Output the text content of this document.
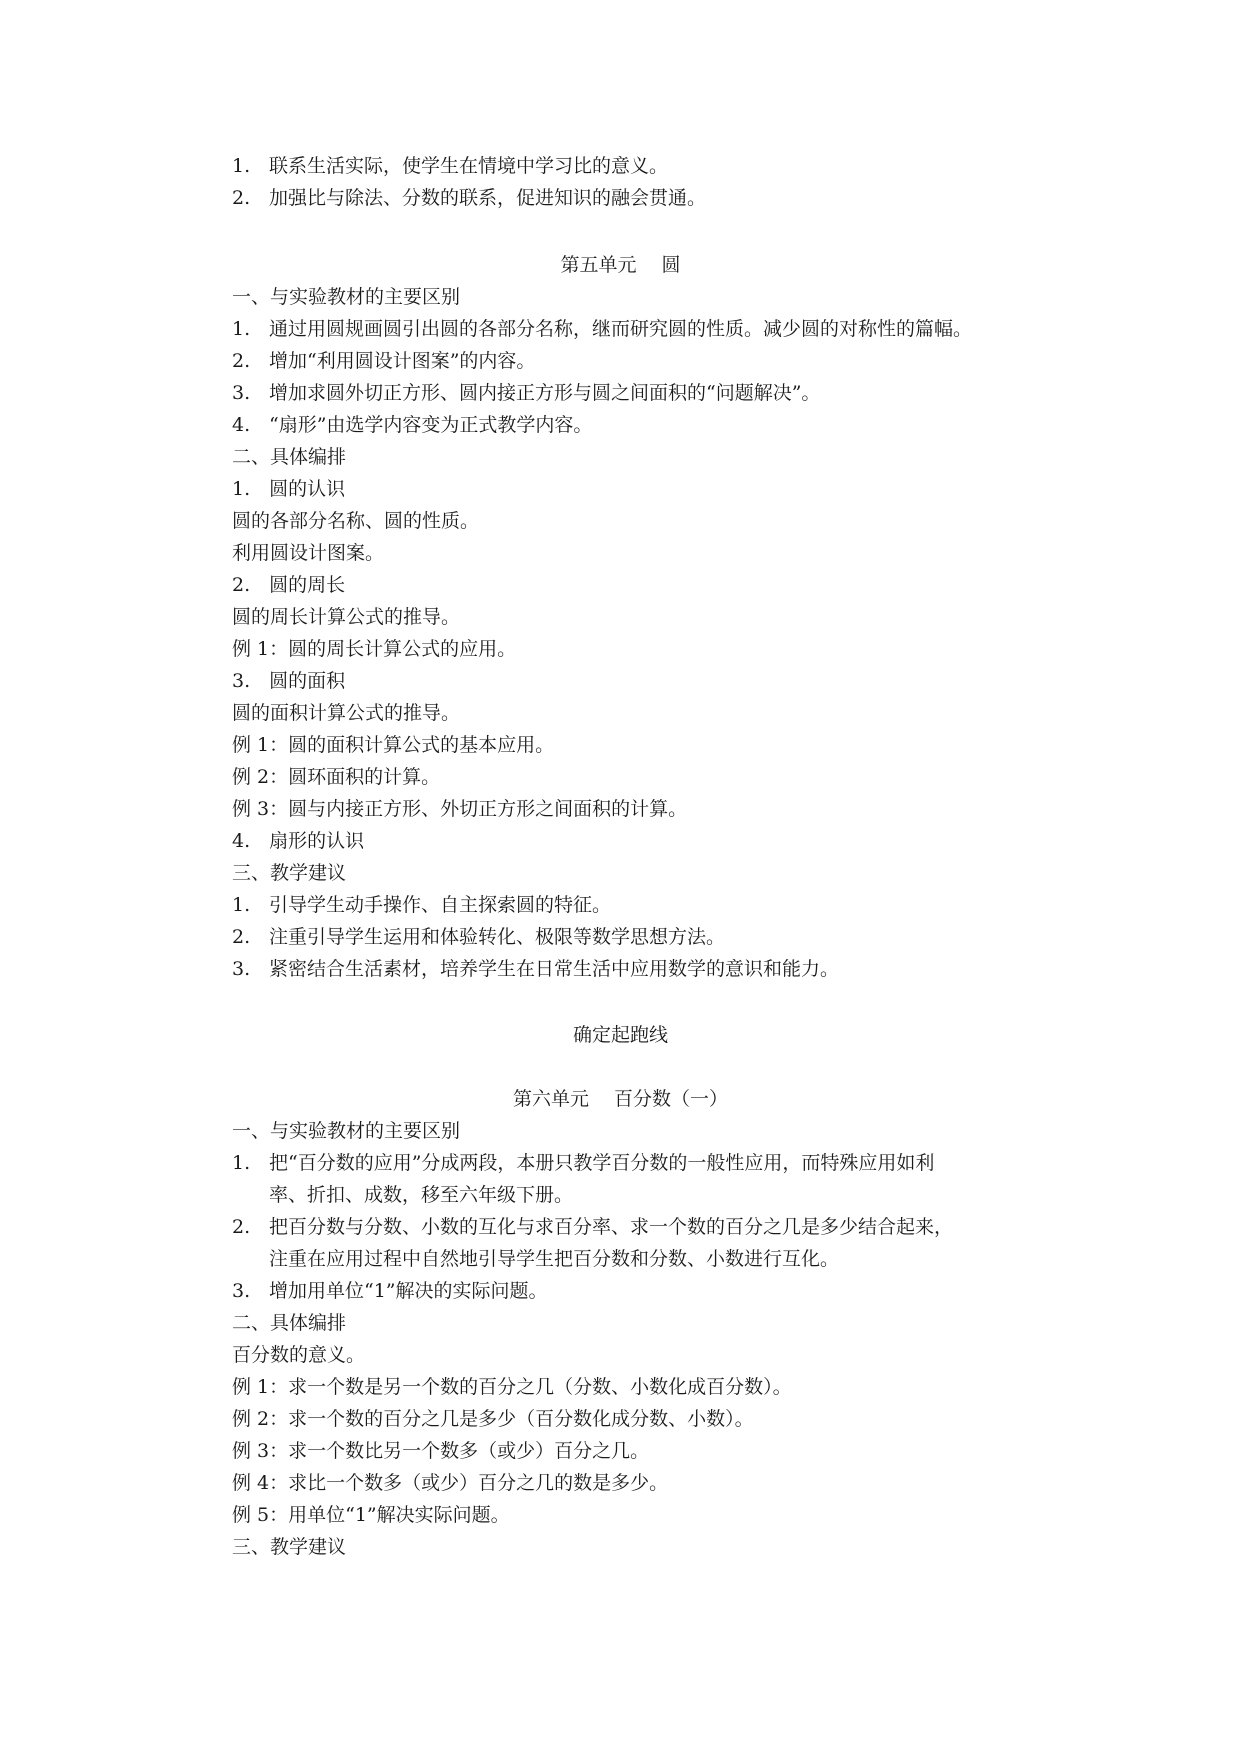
1. 联系生活实际，使学生在情境中学习比的意义。
2. 加强比与除法、分数的联系，促进知识的融会贯通。
第五单元　 圆
一、与实验教材的主要区别
1. 通过用圆规画圆引出圆的各部分名称，继而研究圆的性质。减少圆的对称性的篇幅。
2. 增加“利用圆设计图案”的内容。
3. 增加求圆外切正方形、圆内接正方形与圆之间面积的“问题解决”。
4. “扇形”由选学内容变为正式教学内容。
二、具体编排
1.　圆的认识
圆的各部分名称、圆的性质。
利用圆设计图案。
2.　圆的周长
圆的周长计算公式的推导。
例 1：圆的周长计算公式的应用。
3.　圆的面积
圆的面积计算公式的推导。
例 1：圆的面积计算公式的基本应用。
例 2：圆环面积的计算。
例 3：圆与内接正方形、外切正方形之间面积的计算。
4.　扇形的认识
三、教学建议
1. 引导学生动手操作、自主探索圆的特征。
2. 注重引导学生运用和体验转化、极限等数学思想方法。
3. 紧密结合生活素材，培养学生在日常生活中应用数学的意识和能力。
确定起跑线
第六单元　 百分数（一）
一、与实验教材的主要区别
1. 把“百分数的应用”分成两段，本册只教学百分数的一般性应用，而特殊应用如利
率、折扣、成数，移至六年级下册。
2. 把百分数与分数、小数的互化与求百分率、求一个数的百分之几是多少结合起来，
注重在应用过程中自然地引导学生把百分数和分数、小数进行互化。
3. 增加用单位“1”解决的实际问题。
二、具体编排
百分数的意义。
例 1：求一个数是另一个数的百分之几（分数、小数化成百分数）。
例 2：求一个数的百分之几是多少（百分数化成分数、小数）。
例 3：求一个数比另一个数多（或少）百分之几。
例 4：求比一个数多（或少）百分之几的数是多少。
例 5：用单位“1”解决实际问题。
三、教学建议
